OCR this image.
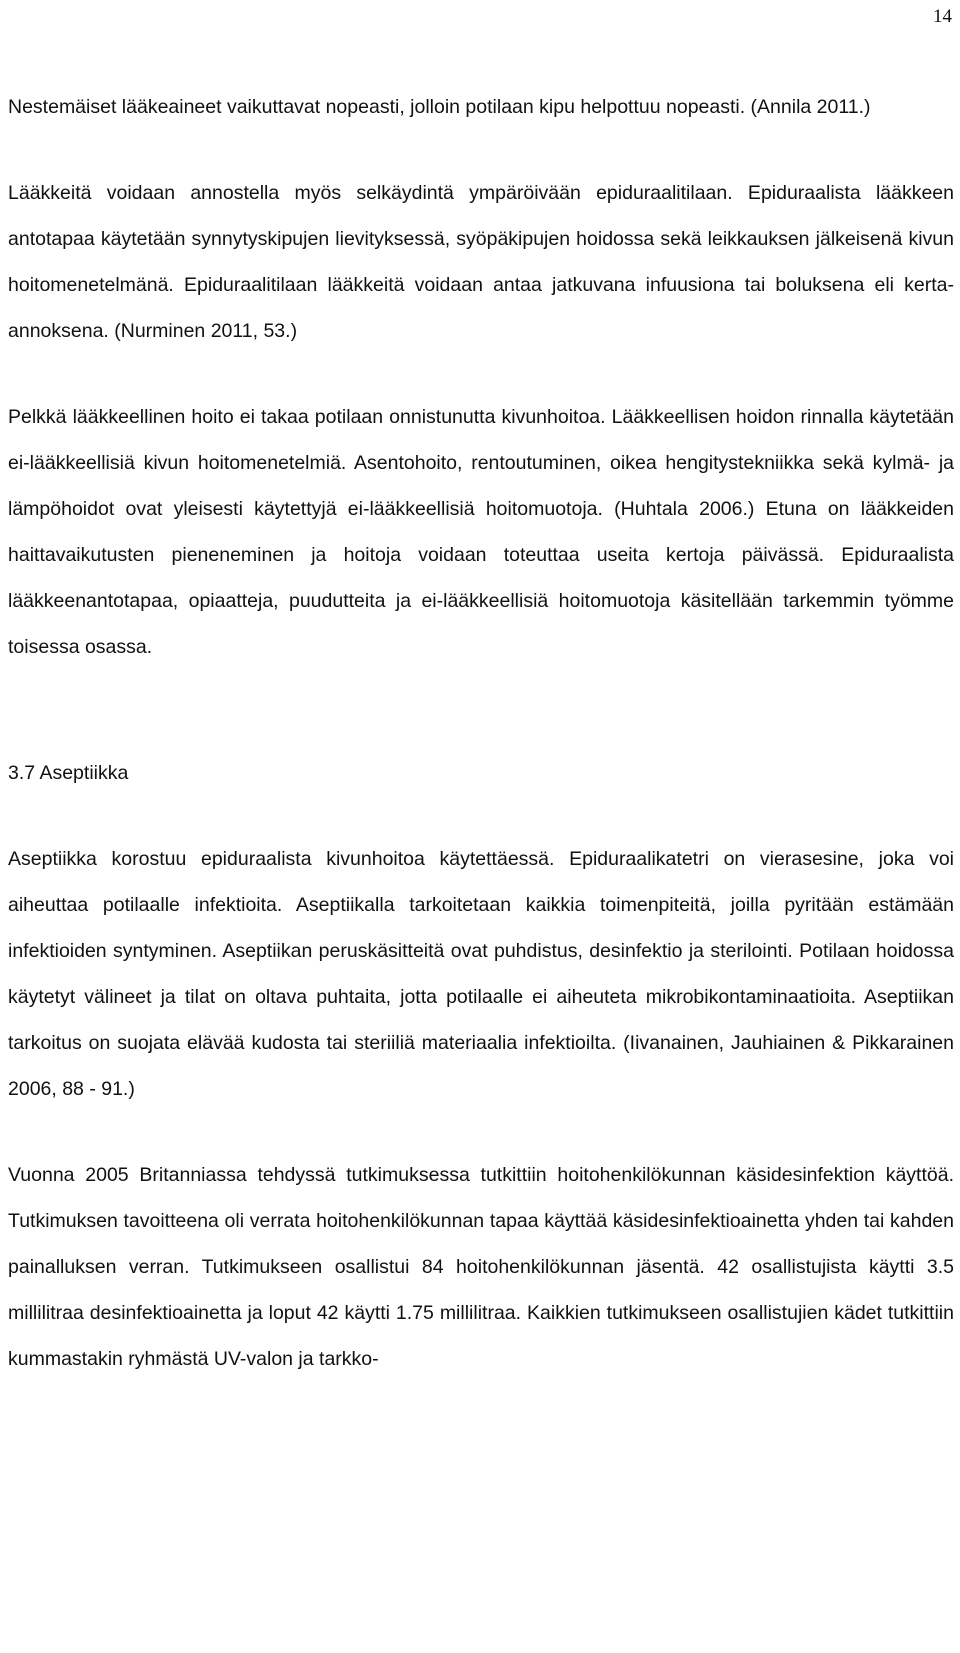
14

Nestemäiset lääkeaineet vaikuttavat nopeasti, jolloin potilaan kipu helpottuu nopeasti. (Annila 2011.)

Lääkkeitä voidaan annostella myös selkäydintä ympäröivään epiduraalitilaan. Epiduraalista lääkkeen antotapaa käytetään synnytyskipujen lievityksessä, syöpäkipujen hoidossa sekä leikkauksen jälkeisenä kivun hoitomenetelmänä. Epiduraalitilaan lääkkeitä voidaan antaa jatkuvana infuusiona tai boluksena eli kerta-annoksena. (Nurminen 2011, 53.)

Pelkkä lääkkeellinen hoito ei takaa potilaan onnistunutta kivunhoitoa. Lääkkeellisen hoidon rinnalla käytetään ei-lääkkeellisiä kivun hoitomenetelmiä. Asentohoito, rentoutuminen, oikea hengitystekniikka sekä kylmä- ja lämpöhoidot ovat yleisesti käytettyjä ei-lääkkeellisiä hoitomuotoja. (Huhtala 2006.) Etuna on lääkkeiden haittavaikutusten pieneneminen ja hoitoja voidaan toteuttaa useita kertoja päivässä. Epiduraalista lääkkeenantotapaa, opiaatteja, puudutteita ja ei-lääkkeellisiä hoitomuotoja käsitellään tarkemmin työmme toisessa osassa.

3.7 Aseptiikka

Aseptiikka korostuu epiduraalista kivunhoitoa käytettäessä. Epiduraalikatetri on vierasesine, joka voi aiheuttaa potilaalle infektioita. Aseptiikalla tarkoitetaan kaikkia toimenpiteitä, joilla pyritään estämään infektioiden syntyminen. Aseptiikan peruskäsitteitä ovat puhdistus, desinfektio ja sterilointi. Potilaan hoidossa käytetyt välineet ja tilat on oltava puhtaita, jotta potilaalle ei aiheuteta mikrobikontaminaatioita. Aseptiikan tarkoitus on suojata elävää kudosta tai steriiliä materiaalia infektioilta. (Iivanainen, Jauhiainen & Pikkarainen 2006, 88 - 91.)

Vuonna 2005 Britanniassa tehdyssä tutkimuksessa tutkittiin hoitohenkilökunnan käsidesinfektion käyttöä. Tutkimuksen tavoitteena oli verrata hoitohenkilökunnan tapaa käyttää käsidesinfektioainetta yhden tai kahden painalluksen verran. Tutkimukseen osallistui 84 hoitohenkilökunnan jäsentä. 42 osallistujista käytti 3.5 millilitraa desinfektioainetta ja loput 42 käytti 1.75 millilitraa. Kaikkien tutkimukseen osallistujien kädet tutkittiin kummastakin ryhmästä UV-valon ja tarkko-
